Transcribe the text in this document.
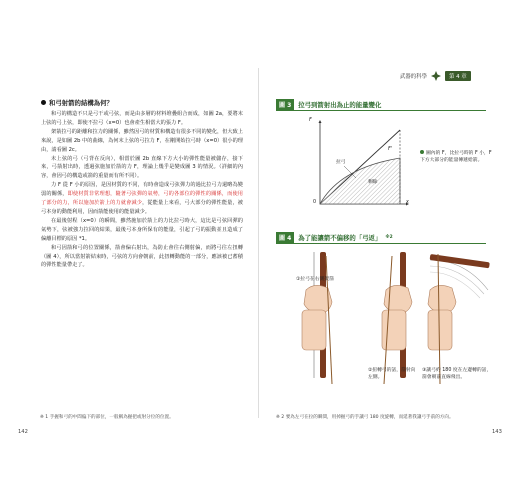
武器的科學	第 4 章
和弓射箭的結構為何？

和弓的構造不只是弓干或弓弦，而是由多層的材料堆疊組合而成，如圖 2a，要將末上弦的弓上弦，即使不拉弓（x=0）也會產生相當大的張力 F。

架箭拉弓的距離和拉力的關係，雖然因弓的材質和構造有很多不同的變化，但大致上來說，是如圖 2b 中的曲線，為何末上弦的弓拉力 F，在剛開始拉弓時（x=0）很小的理由，請看圖 2c。

未上弦的弓（弓背在反向），相當於圖 2b 直線下方大小的彈性能量被儲存，接下來，弓箭射出時，透過弦施加於箭的力 F，理論上幾乎是變成圖 3 的情況。（詳細的內容，會因弓的構造或箭的重量而有所不同）。

力 F 從 F 小的原因，是因材質的不同，有時會造成弓弦彈力的過比拉弓力還略為變弱的關係，即使材質非常理想，隨著弓弦彈的氣勢，弓的各部位的彈性的關係，而使用了部分的力，所以施加於箭上的力就會減少，從能量上來看，弓大部分的彈性能量，被弓本身的動能利用，因而箭能使用的能量減少。

在最後射程（x=0）的瞬間，雖然施加於箭上的力比拉弓時大，這比是弓弦回彈的氣勢下，弦被強力拉回的結果，最後弓本身所保有的能量，引起了弓的振動並且造成了偏離目標的原因 *1。

和弓因箭和弓的位置關係，箭會偏右射出，為防止會往右側射偏，而將弓往左扭轉（圖 4），所以當射箭結束時，弓弦的方向會朝前，此扭轉動能的一部分，應該被已蓄積的彈性能量帶走了。

圖 3	拉弓到箭射出為止的能量變化
F
x
0
拉弓
剩餘
F'
圖內的 F，比拉弓時的 F 小，F 下方大部分的能量傳遞給箭。
圖 4	為了能讓箭不偏移的「弓返」 ※2
①拉弓在右側架箭
②扭轉弓的話，箭射向左側。
③讓弓約 180 度在左邊轉的話，箭會朝前直線飛出。
※ 1 手握和弓的中間偏下的部位，一般稱為握把或射分位的位置。
142
※ 2 要為左弓在拉的瞬間，用掉握弓的手讓弓 180 度旋轉，而延著我讓弓手前的方向。
143
